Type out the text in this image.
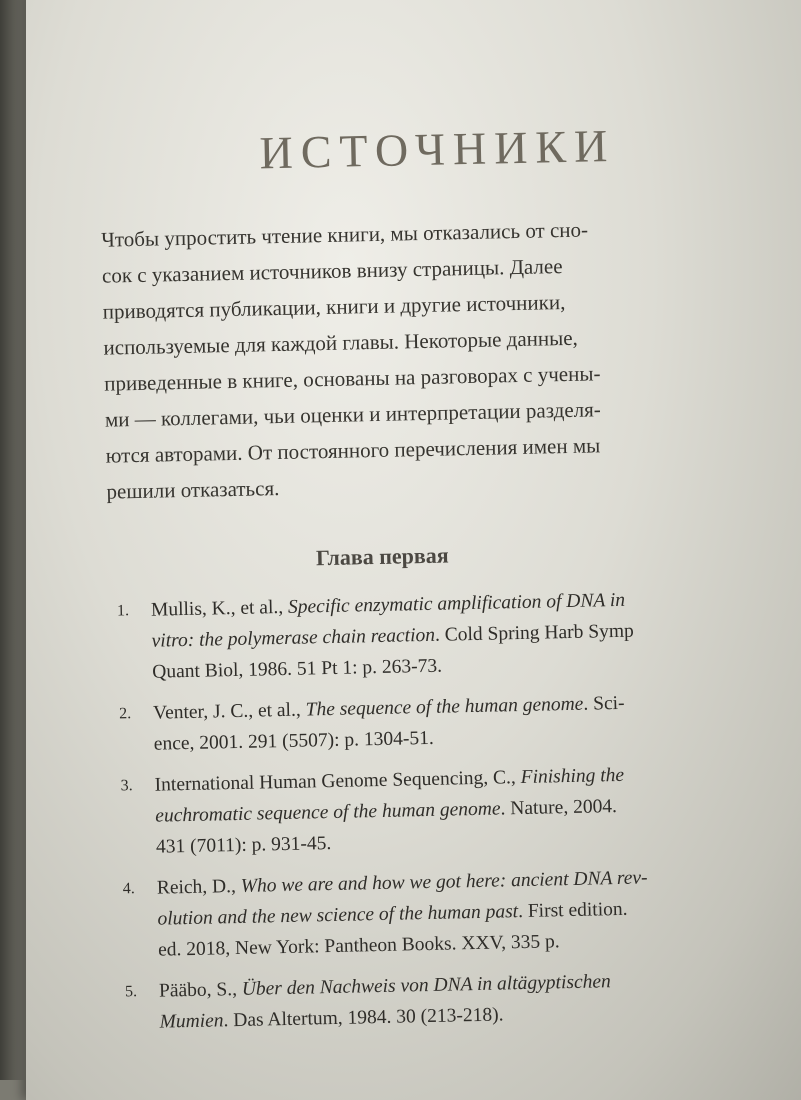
ИСТОЧНИКИ
Чтобы упростить чтение книги, мы отказались от сно-
сок с указанием источников внизу страницы. Далее
приводятся публикации, книги и другие источники,
используемые для каждой главы. Некоторые данные,
приведенные в книге, основаны на разговорах с учены-
ми — коллегами, чьи оценки и интерпретации разделя-
ются авторами. От постоянного перечисления имен мы
решили отказаться.
Глава первая
1. Mullis, K., et al., Specific enzymatic amplification of DNA in
vitro: the polymerase chain reaction. Cold Spring Harb Symp
Quant Biol, 1986. 51 Pt 1: p. 263-73.
2. Venter, J. C., et al., The sequence of the human genome. Sci-
ence, 2001. 291 (5507): p. 1304-51.
3. International Human Genome Sequencing, C., Finishing the
euchromatic sequence of the human genome. Nature, 2004.
431 (7011): p. 931-45.
4. Reich, D., Who we are and how we got here: ancient DNA rev-
olution and the new science of the human past. First edition.
ed. 2018, New York: Pantheon Books. XXV, 335 p.
5. Pääbo, S., Über den Nachweis von DNA in altägyptischen
Mumien. Das Altertum, 1984. 30 (213-218).
